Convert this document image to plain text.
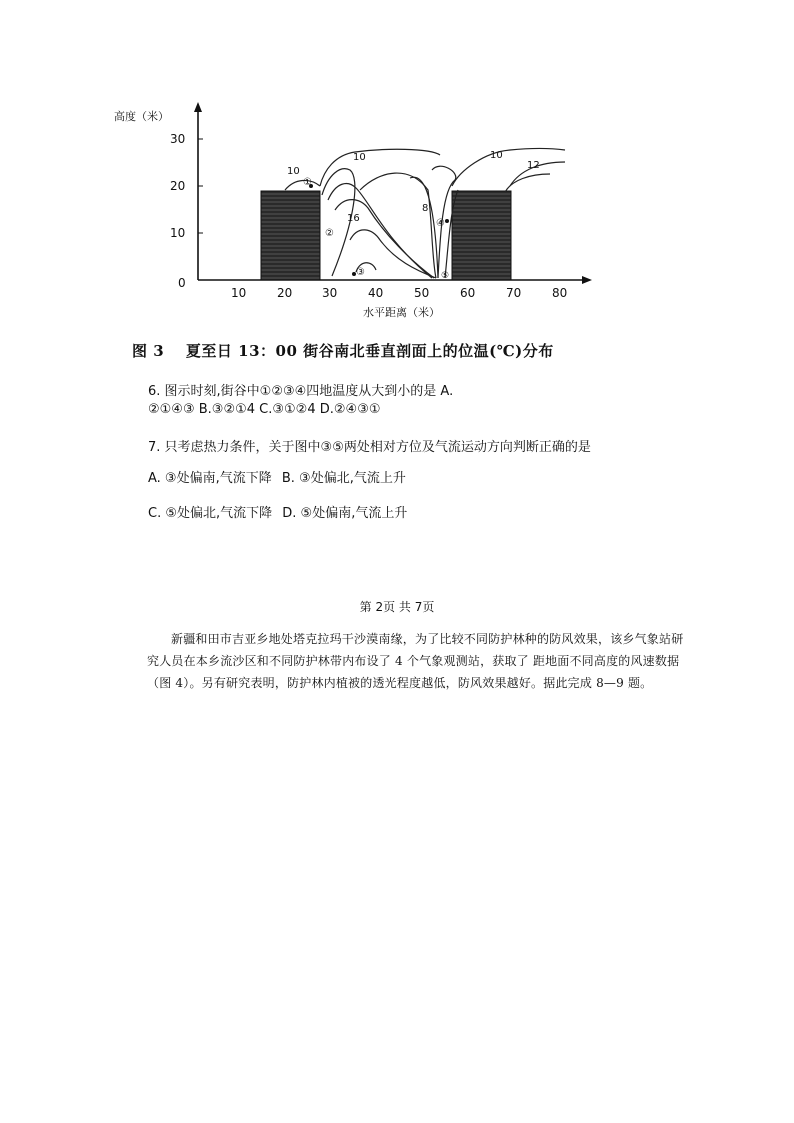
高度（米）
水平距离（米）
0
10
20
30
10	20 30	40	50	60	70	80
10
10	10
12
16
8
①
②
③
④
⑤
图 3 夏至日 13：00 街谷南北垂直剖面上的位温(℃)分布
6. 图示时刻,街谷中①②③④四地温度从大到小的是 A.
②①④③ B.③②①4 C.③①②4 D.②④③①
7. 只考虑热力条件，关于图中③⑤两处相对方位及气流运动方向判断正确的是
A. ③处偏南,气流下降 B. ③处偏北,气流上升
C. ⑤处偏北,气流下降 D. ⑤处偏南,气流上升
第 2页 共 7页
新疆和田市吉亚乡地处塔克拉玛干沙漠南缘，为了比较不同防护林种的防风效果，该乡气象站研究人员在本乡流沙区和不同防护林带内布设了 4 个气象观测站，获取了 距地面不同高度的风速数据（图 4）。另有研究表明，防护林内植被的透光程度越低，防风效果越好。据此完成 8—9 题。
